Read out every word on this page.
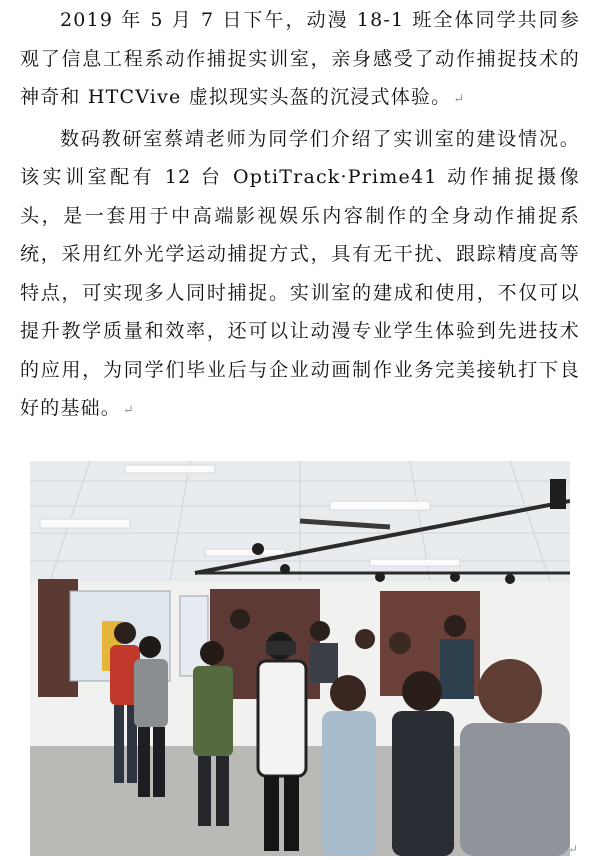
2019 年 5 月 7 日下午，动漫 18-1 班全体同学共同参观了信息工程系动作捕捉实训室，亲身感受了动作捕捉技术的神奇和 HTCVive 虚拟现实头盔的沉浸式体验。 ↵

数码教研室蔡靖老师为同学们介绍了实训室的建设情况。该实训室配有 12 台 OptiTrack·Prime41 动作捕捉摄像头，是一套用于中高端影视娱乐内容制作的全身动作捕捉系统，采用红外光学运动捕捉方式，具有无干扰、跟踪精度高等特点，可实现多人同时捕捉。实训室的建成和使用，不仅可以提升教学质量和效率，还可以让动漫专业学生体验到先进技术的应用，为同学们毕业后与企业动画制作业务完美接轨打下良好的基础。 ↵

↵
